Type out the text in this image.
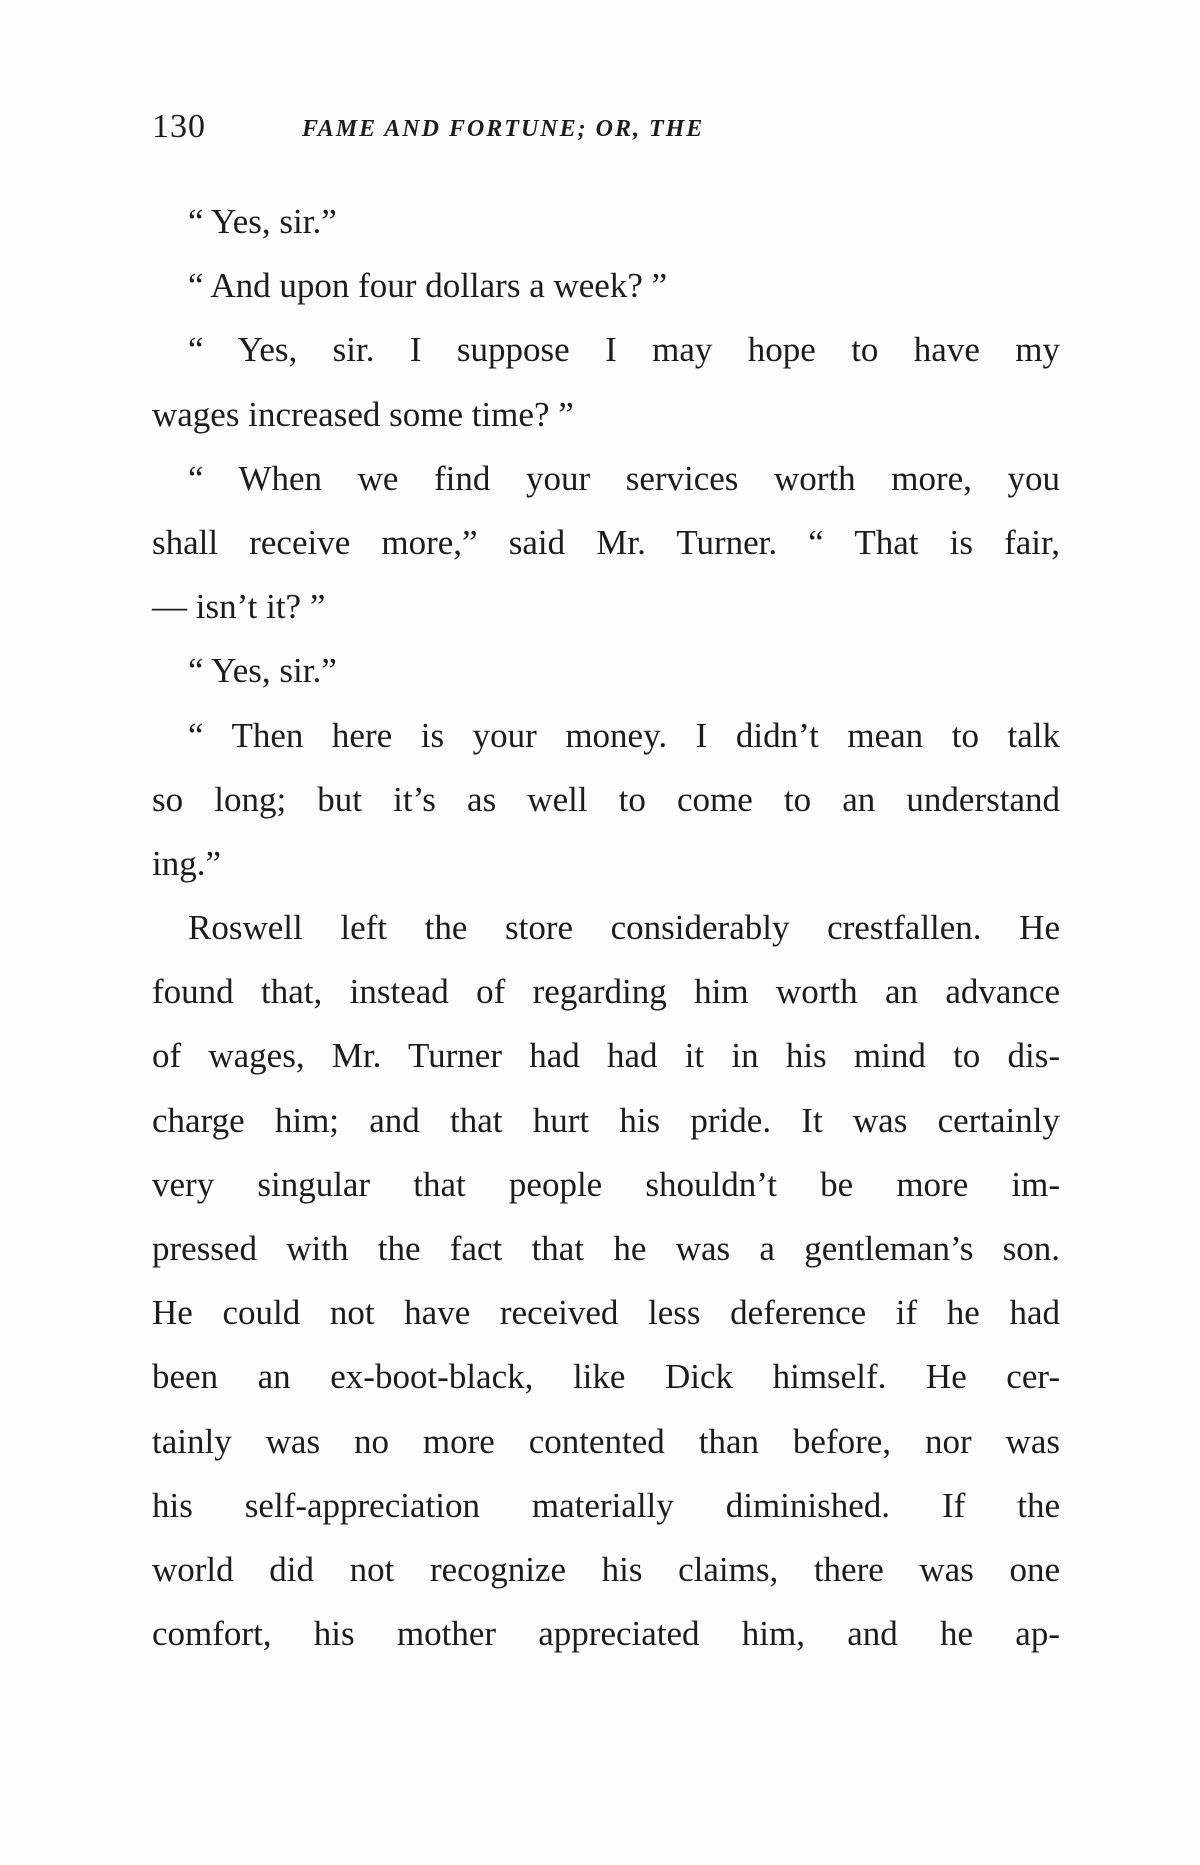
130	FAME AND FORTUNE; OR, THE
“ Yes, sir.”
“ And upon four dollars a week? ”
“ Yes, sir. I suppose I may hope to have my
wages increased some time? ”
“ When we find your services worth more, you
shall receive more,” said Mr. Turner. “ That is fair,
— isn’t it? ”
“ Yes, sir.”
“ Then here is your money. I didn’t mean to talk
so long; but it’s as well to come to an understand
ing.”
Roswell left the store considerably crestfallen. He
found that, instead of regarding him worth an advance
of wages, Mr. Turner had had it in his mind to dis-
charge him; and that hurt his pride. It was certainly
very singular that people shouldn’t be more im-
pressed with the fact that he was a gentleman’s son.
He could not have received less deference if he had
been an ex-boot-black, like Dick himself. He cer-
tainly was no more contented than before, nor was
his self-appreciation materially diminished. If the
world did not recognize his claims, there was one
comfort, his mother appreciated him, and he ap-
